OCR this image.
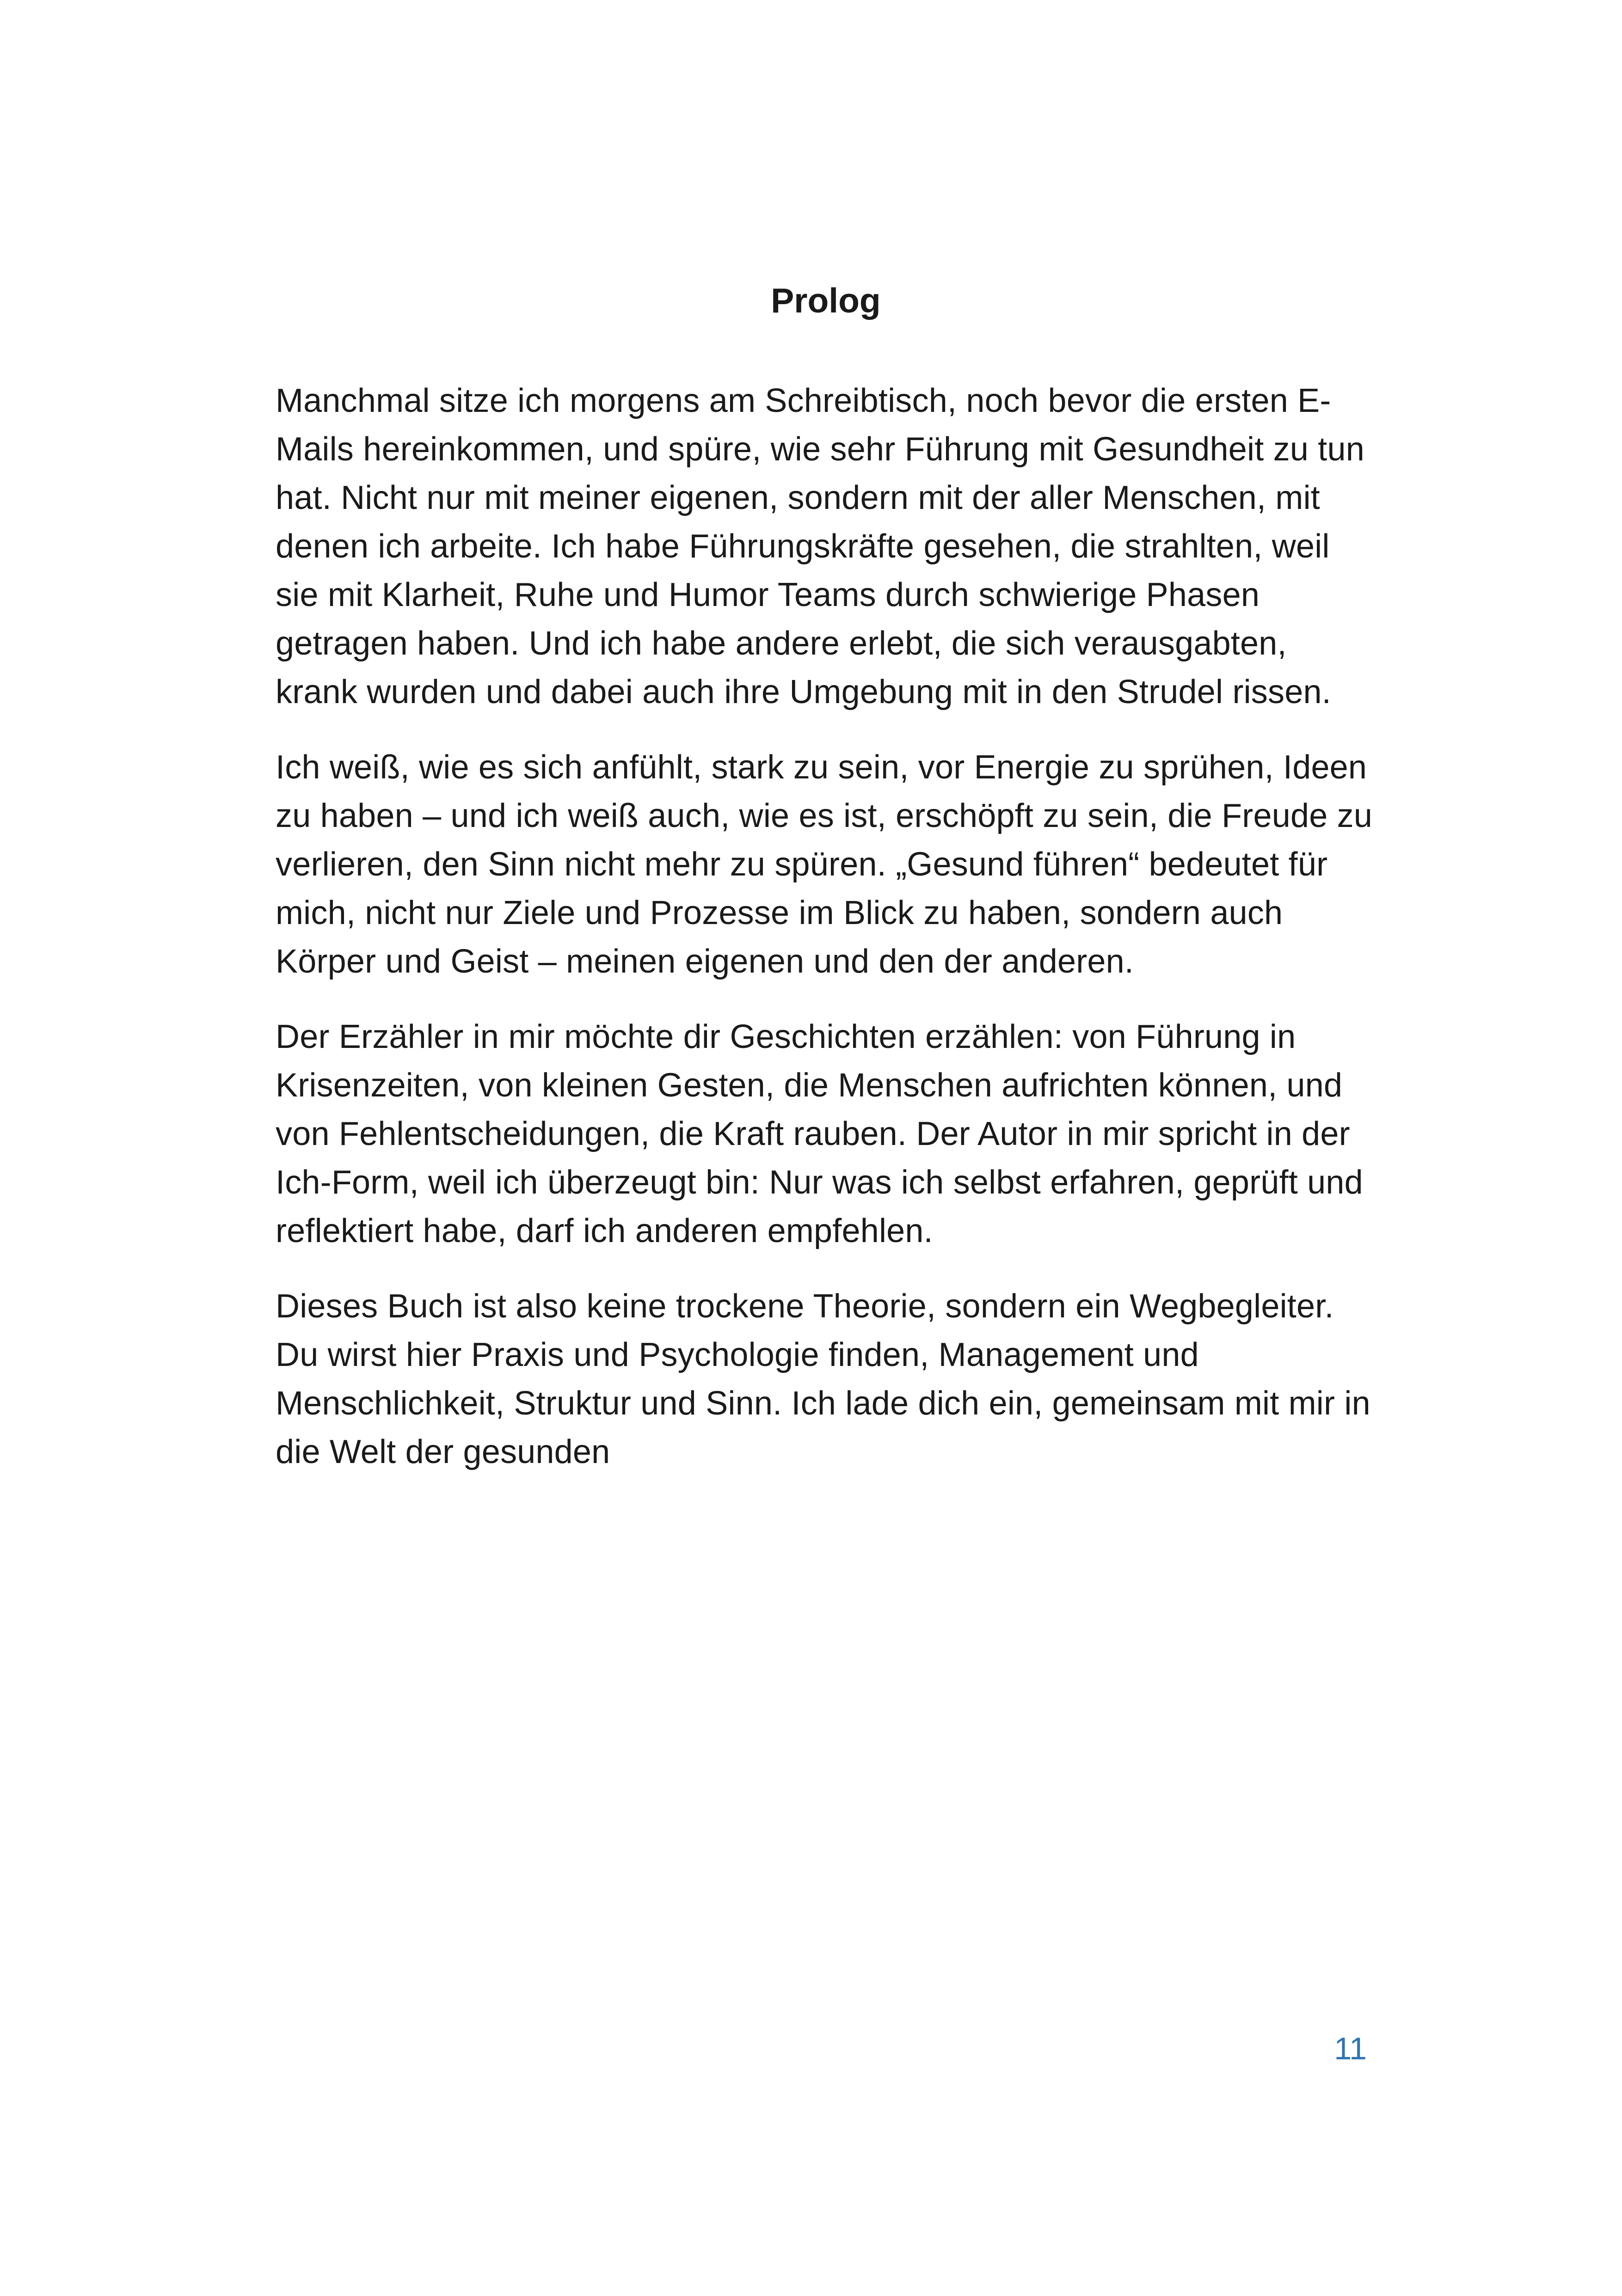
Prolog

Manchmal sitze ich morgens am Schreibtisch, noch bevor die ersten E-Mails hereinkommen, und spüre, wie sehr Führung mit Gesundheit zu tun hat. Nicht nur mit meiner eigenen, sondern mit der aller Menschen, mit denen ich arbeite. Ich habe Führungskräfte gesehen, die strahlten, weil sie mit Klarheit, Ruhe und Humor Teams durch schwierige Phasen getragen haben. Und ich habe andere erlebt, die sich verausgabten, krank wurden und dabei auch ihre Umgebung mit in den Strudel rissen.

Ich weiß, wie es sich anfühlt, stark zu sein, vor Energie zu sprühen, Ideen zu haben – und ich weiß auch, wie es ist, erschöpft zu sein, die Freude zu verlieren, den Sinn nicht mehr zu spüren. „Gesund führen“ bedeutet für mich, nicht nur Ziele und Prozesse im Blick zu haben, sondern auch Körper und Geist – meinen eigenen und den der anderen.

Der Erzähler in mir möchte dir Geschichten erzählen: von Führung in Krisenzeiten, von kleinen Gesten, die Menschen aufrichten können, und von Fehlentscheidungen, die Kraft rauben. Der Autor in mir spricht in der Ich-Form, weil ich überzeugt bin: Nur was ich selbst erfahren, geprüft und reflektiert habe, darf ich anderen empfehlen.

Dieses Buch ist also keine trockene Theorie, sondern ein Wegbegleiter. Du wirst hier Praxis und Psychologie finden, Management und Menschlichkeit, Struktur und Sinn. Ich lade dich ein, gemeinsam mit mir in die Welt der gesunden

11
